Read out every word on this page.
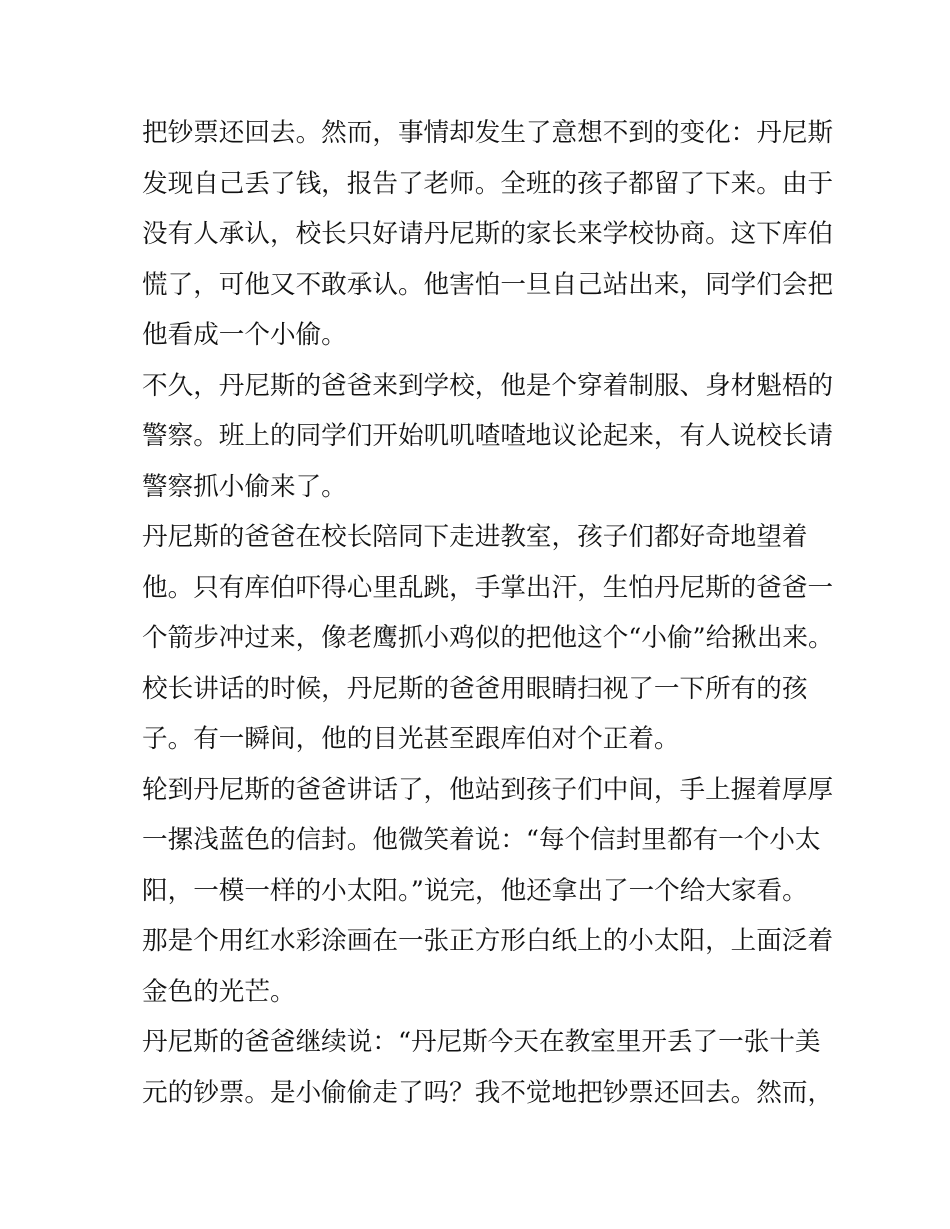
把钞票还回去。然而，事情却发生了意想不到的变化：丹尼斯
发现自己丢了钱，报告了老师。全班的孩子都留了下来。由于
没有人承认，校长只好请丹尼斯的家长来学校协商。这下库伯
慌了，可他又不敢承认。他害怕一旦自己站出来，同学们会把
他看成一个小偷。
不久，丹尼斯的爸爸来到学校，他是个穿着制服、身材魁梧的
警察。班上的同学们开始叽叽喳喳地议论起来，有人说校长请
警察抓小偷来了。
丹尼斯的爸爸在校长陪同下走进教室，孩子们都好奇地望着
他。只有库伯吓得心里乱跳，手掌出汗，生怕丹尼斯的爸爸一
个箭步冲过来，像老鹰抓小鸡似的把他这个“小偷”给揪出来。
校长讲话的时候，丹尼斯的爸爸用眼睛扫视了一下所有的孩
子。有一瞬间，他的目光甚至跟库伯对个正着。
轮到丹尼斯的爸爸讲话了，他站到孩子们中间，手上握着厚厚
一摞浅蓝色的信封。他微笑着说：“每个信封里都有一个小太
阳，一模一样的小太阳。”说完，他还拿出了一个给大家看。
那是个用红水彩涂画在一张正方形白纸上的小太阳，上面泛着
金色的光芒。
丹尼斯的爸爸继续说：“丹尼斯今天在教室里开丢了一张十美
元的钞票。是小偷偷走了吗？我不觉地把钞票还回去。然而，
